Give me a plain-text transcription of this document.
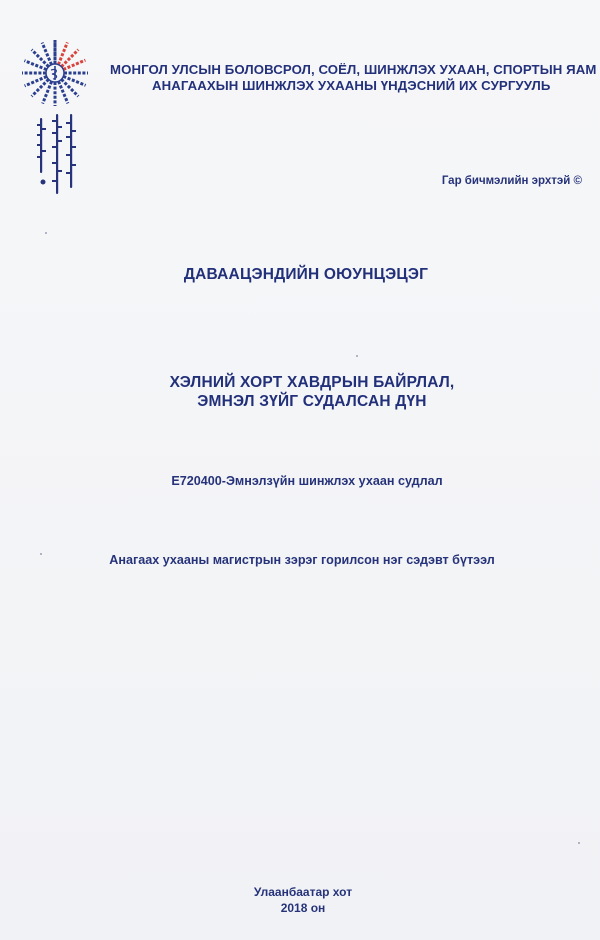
МОНГОЛ УЛСЫН БОЛОВСРОЛ, СОЁЛ, ШИНЖЛЭХ УХААН, СПОРТЫН ЯАМ
АНАГААХЫН ШИНЖЛЭХ УХААНЫ ҮНДЭСНИЙ ИХ СУРГУУЛЬ
Гар бичмэлийн эрхтэй ©
ДАВААЦЭНДИЙН ОЮУНЦЭЦЭГ
ХЭЛНИЙ ХОРТ ХАВДРЫН БАЙРЛАЛ,
ЭМНЭЛ ЗҮЙГ СУДАЛСАН ДҮН
Е720400-Эмнэлзүйн шинжлэх ухаан судлал
Анагаах ухааны магистрын зэрэг горилсон нэг сэдэвт бүтээл
Улаанбаатар хот
2018 он
